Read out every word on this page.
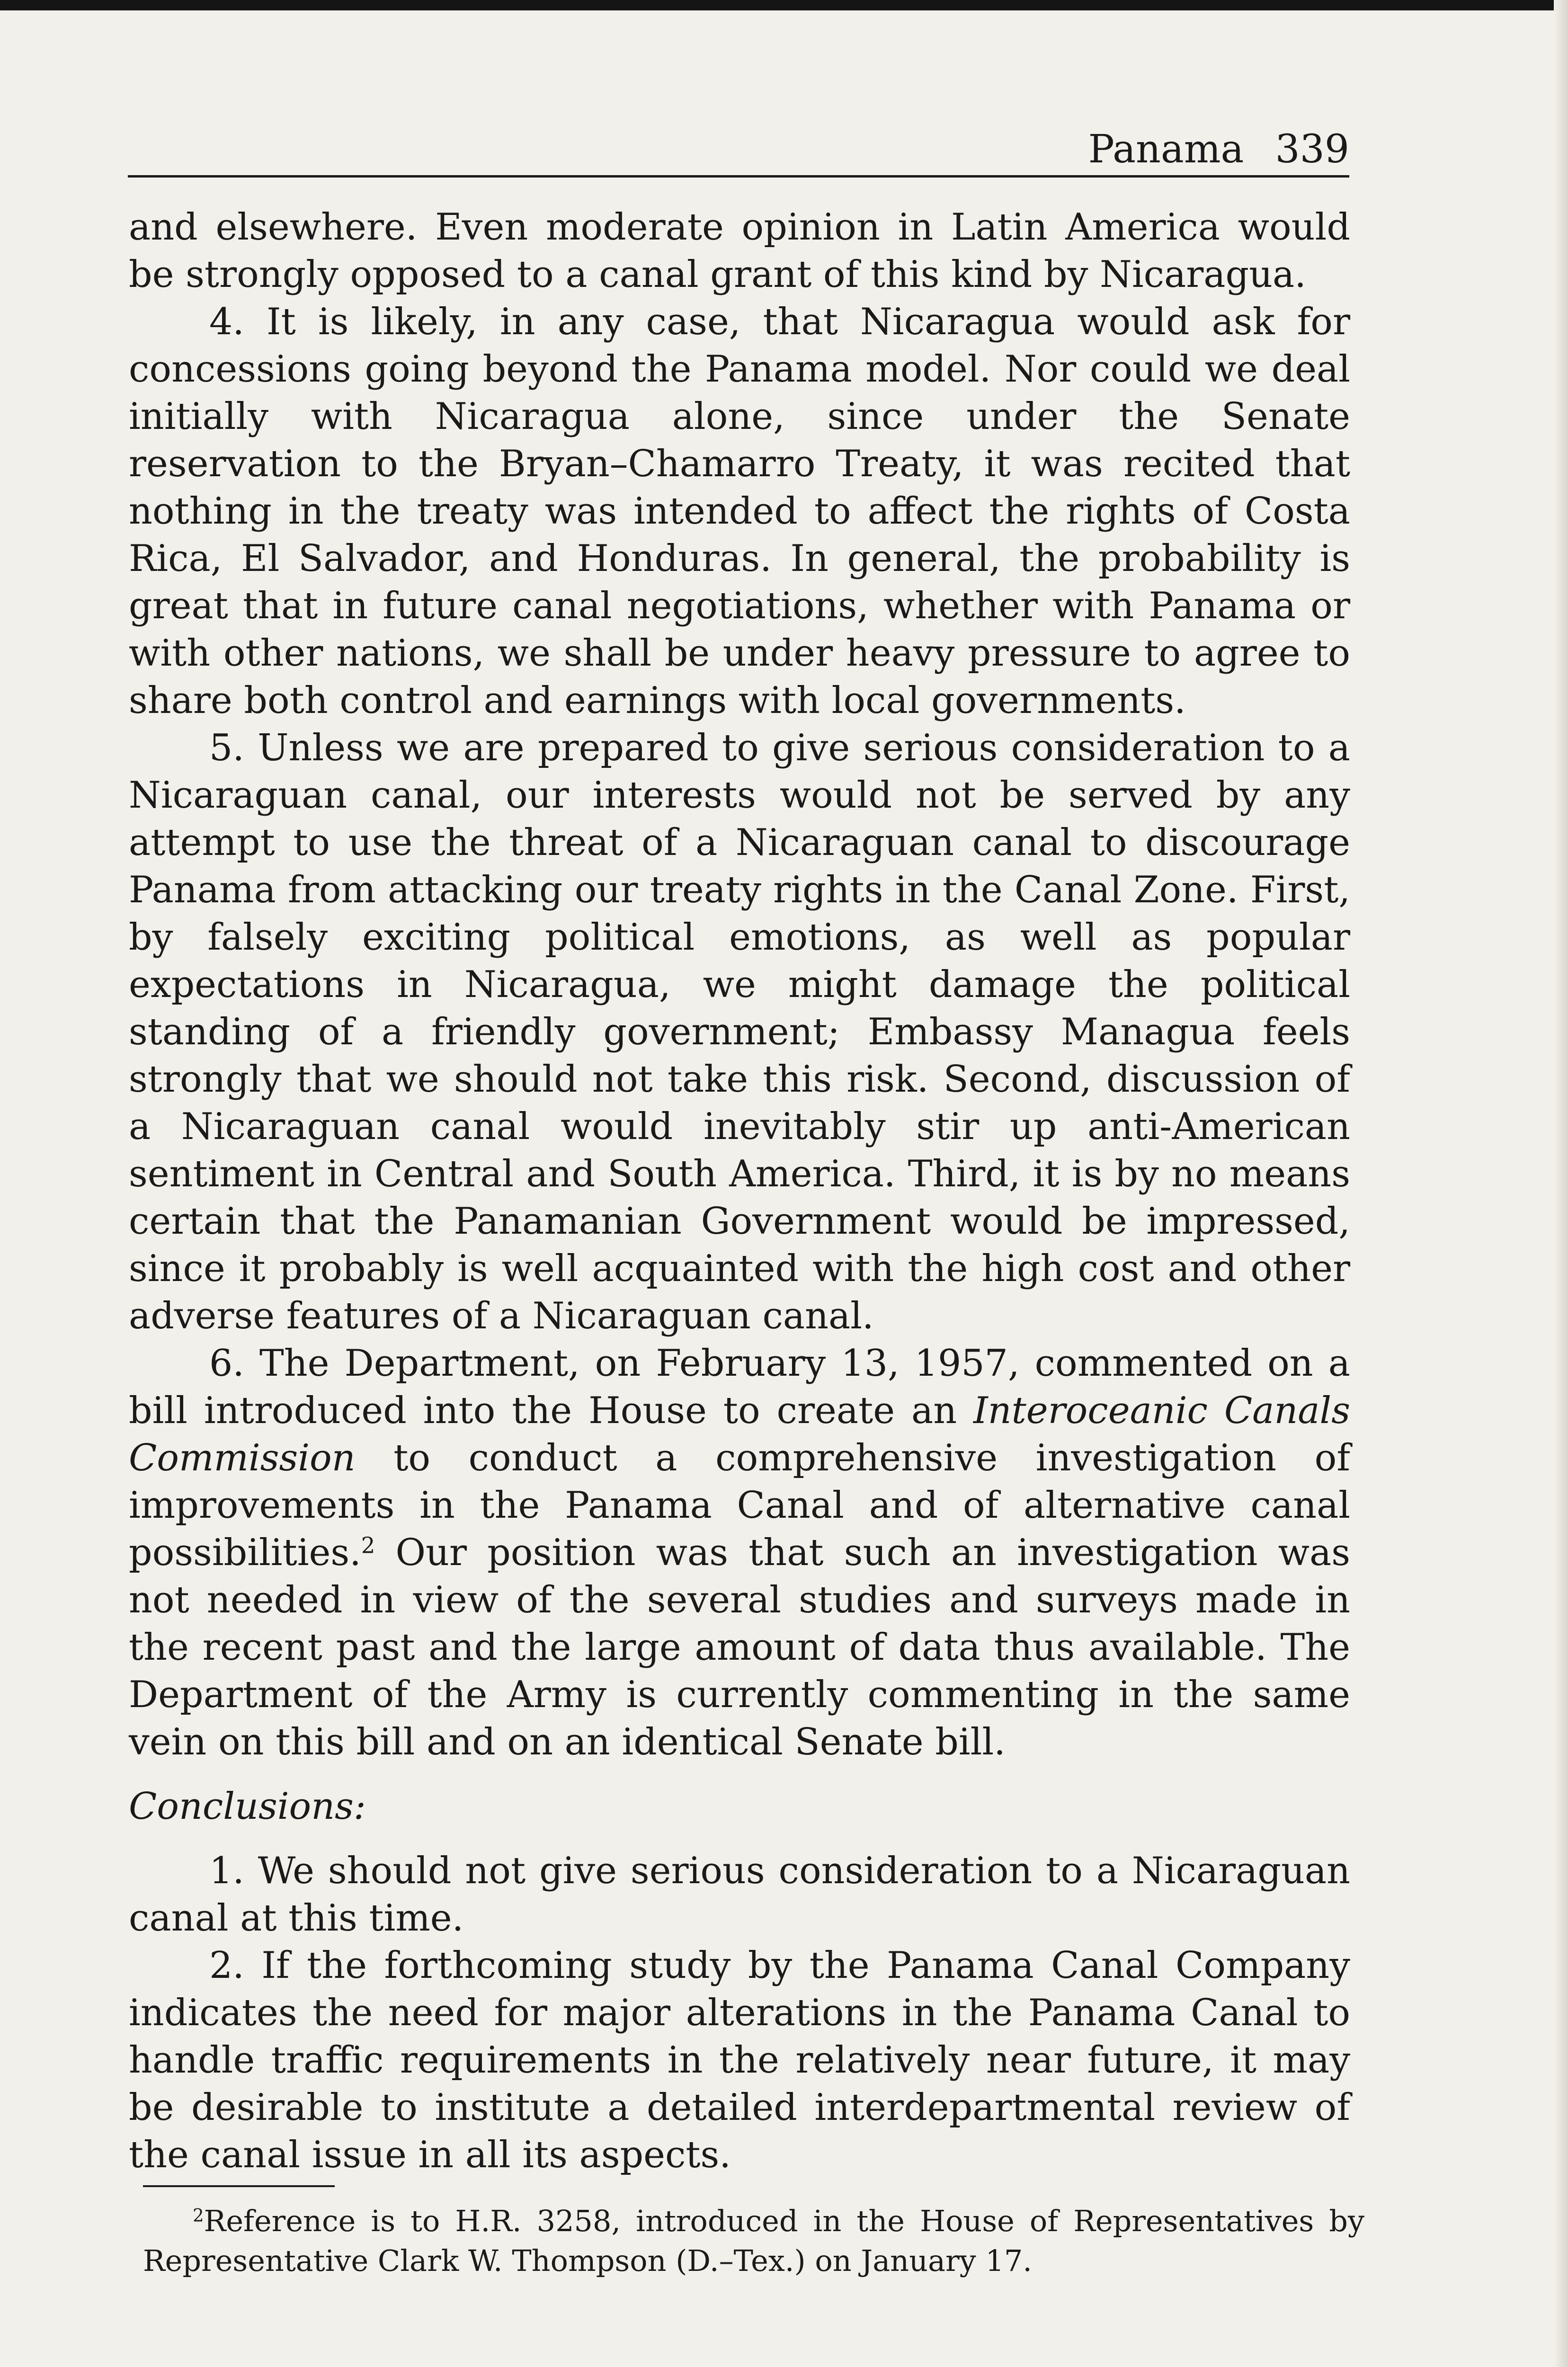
Panama 339

and elsewhere. Even moderate opinion in Latin America would be strongly opposed to a canal grant of this kind by Nicaragua.

4. It is likely, in any case, that Nicaragua would ask for concessions going beyond the Panama model. Nor could we deal initially with Nicaragua alone, since under the Senate reservation to the Bryan–Chamarro Treaty, it was recited that nothing in the treaty was intended to affect the rights of Costa Rica, El Salvador, and Honduras. In general, the probability is great that in future canal negotiations, whether with Panama or with other nations, we shall be under heavy pressure to agree to share both control and earnings with local governments.

5. Unless we are prepared to give serious consideration to a Nicaraguan canal, our interests would not be served by any attempt to use the threat of a Nicaraguan canal to discourage Panama from attacking our treaty rights in the Canal Zone. First, by falsely exciting political emotions, as well as popular expectations in Nicaragua, we might damage the political standing of a friendly government; Embassy Managua feels strongly that we should not take this risk. Second, discussion of a Nicaraguan canal would inevitably stir up anti-American sentiment in Central and South America. Third, it is by no means certain that the Panamanian Government would be impressed, since it probably is well acquainted with the high cost and other adverse features of a Nicaraguan canal.

6. The Department, on February 13, 1957, commented on a bill introduced into the House to create an Interoceanic Canals Commission to conduct a comprehensive investigation of improvements in the Panama Canal and of alternative canal possibilities.$^2$ Our position was that such an investigation was not needed in view of the several studies and surveys made in the recent past and the large amount of data thus available. The Department of the Army is currently commenting in the same vein on this bill and on an identical Senate bill.

Conclusions:

1. We should not give serious consideration to a Nicaraguan canal at this time.

2. If the forthcoming study by the Panama Canal Company indicates the need for major alterations in the Panama Canal to handle traffic requirements in the relatively near future, it may be desirable to institute a detailed interdepartmental review of the canal issue in all its aspects.

$^2$Reference is to H.R. 3258, introduced in the House of Representatives by Representative Clark W. Thompson (D.–Tex.) on January 17.
